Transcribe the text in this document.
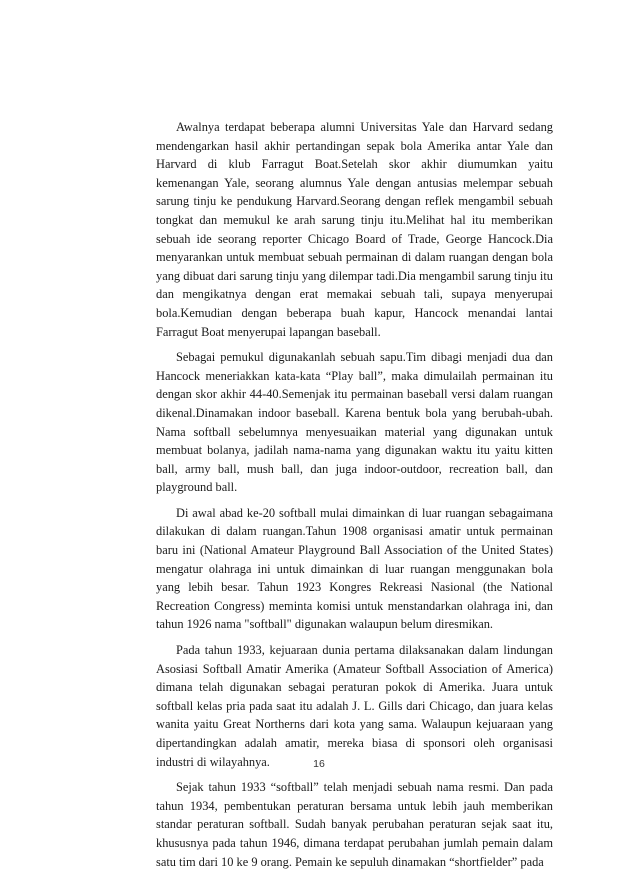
Awalnya terdapat beberapa alumni Universitas Yale dan Harvard sedang mendengarkan hasil akhir pertandingan sepak bola Amerika antar Yale dan Harvard di klub Farragut Boat.Setelah skor akhir diumumkan yaitu kemenangan Yale, seorang alumnus Yale dengan antusias melempar sebuah sarung tinju ke pendukung Harvard.Seorang dengan reflek mengambil sebuah tongkat dan memukul ke arah sarung tinju itu.Melihat hal itu memberikan sebuah ide seorang reporter Chicago Board of Trade, George Hancock.Dia menyarankan untuk membuat sebuah permainan di dalam ruangan dengan bola yang dibuat dari sarung tinju yang dilempar tadi.Dia mengambil sarung tinju itu dan mengikatnya dengan erat memakai sebuah tali, supaya menyerupai bola.Kemudian dengan beberapa buah kapur, Hancock menandai lantai Farragut Boat menyerupai lapangan baseball.

Sebagai pemukul digunakanlah sebuah sapu.Tim dibagi menjadi dua dan Hancock meneriakkan kata-kata “Play ball”, maka dimulailah permainan itu dengan skor akhir 44-40.Semenjak itu permainan baseball versi dalam ruangan dikenal.Dinamakan indoor baseball. Karena bentuk bola yang berubah-ubah. Nama softball sebelumnya menyesuaikan material yang digunakan untuk membuat bolanya, jadilah nama-nama yang digunakan waktu itu yaitu kitten ball, army ball, mush ball, dan juga indoor-outdoor, recreation ball, dan playground ball.

Di awal abad ke-20 softball mulai dimainkan di luar ruangan sebagaimana dilakukan di dalam ruangan.Tahun 1908 organisasi amatir untuk permainan baru ini (National Amateur Playground Ball Association of the United States) mengatur olahraga ini untuk dimainkan di luar ruangan menggunakan bola yang lebih besar. Tahun 1923 Kongres Rekreasi Nasional (the National Recreation Congress) meminta komisi untuk menstandarkan olahraga ini, dan tahun 1926 nama "softball" digunakan walaupun belum diresmikan.

Pada tahun 1933, kejuaraan dunia pertama dilaksanakan dalam lindungan Asosiasi Softball Amatir Amerika (Amateur Softball Association of America) dimana telah digunakan sebagai peraturan pokok di Amerika. Juara untuk softball kelas pria pada saat itu adalah J. L. Gills dari Chicago, dan juara kelas wanita yaitu Great Northerns dari kota yang sama. Walaupun kejuaraan yang dipertandingkan adalah amatir, mereka biasa di sponsori oleh organisasi industri di wilayahnya.

Sejak tahun 1933 “softball” telah menjadi sebuah nama resmi. Dan pada tahun 1934, pembentukan peraturan bersama untuk lebih jauh memberikan standar peraturan softball. Sudah banyak perubahan peraturan sejak saat itu, khususnya pada tahun 1946, dimana terdapat perubahan jumlah pemain dalam satu tim dari 10 ke 9 orang. Pemain ke sepuluh dinamakan “shortfielder” pada

16
